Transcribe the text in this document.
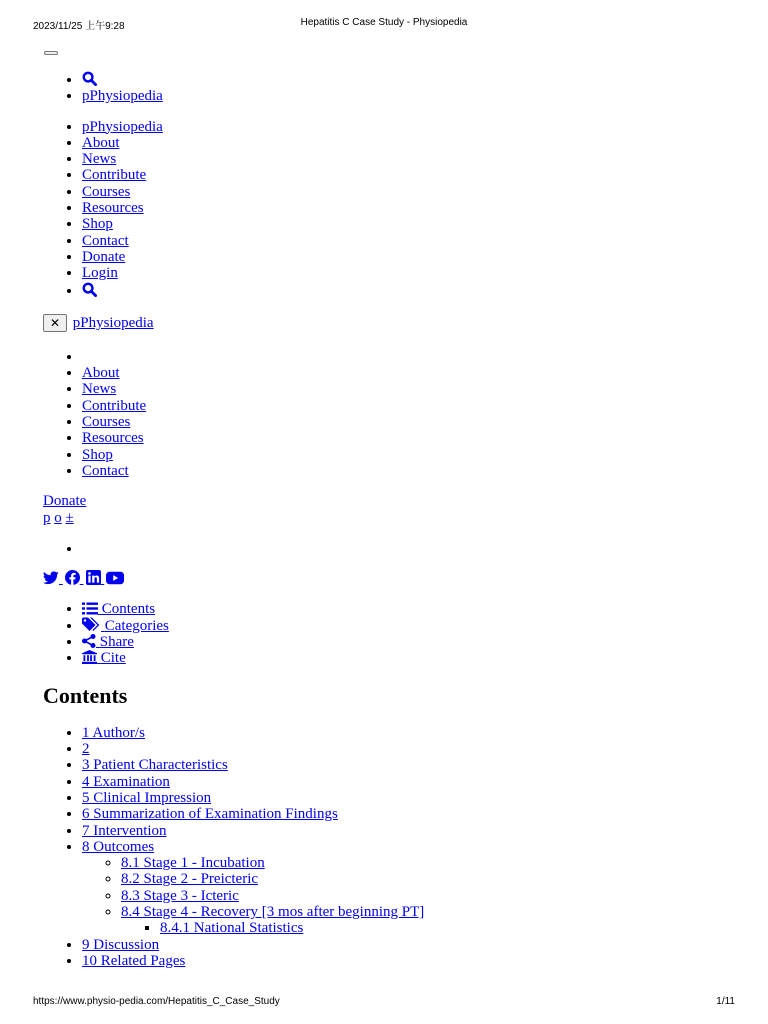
2023/11/25 上午9:28	Hepatitis C Case Study - Physiopedia
•
• pPhysiopedia
• pPhysiopedia
• About
• News
• Contribute
• Courses
• Resources
• Shop
• Contact
• Donate
• Login
•
✕ pPhysiopedia
•
• About
• News
• Contribute
• Courses
• Resources
• Shop
• Contact
Donate
p o ±
•

•  Contents
•  Categories
•  Share
•  Cite
Contents
• 1 Author/s
• 2
• 3 Patient Characteristics
• 4 Examination
• 5 Clinical Impression
• 6 Summarization of Examination Findings
• 7 Intervention
• 8 Outcomes
◦ 8.1 Stage 1 - Incubation
◦ 8.2 Stage 2 - Preicteric
◦ 8.3 Stage 3 - Icteric
◦ 8.4 Stage 4 - Recovery [3 mos after beginning PT]
▪ 8.4.1 National Statistics
• 9 Discussion
• 10 Related Pages
https://www.physio-pedia.com/Hepatitis_C_Case_Study	1/11
